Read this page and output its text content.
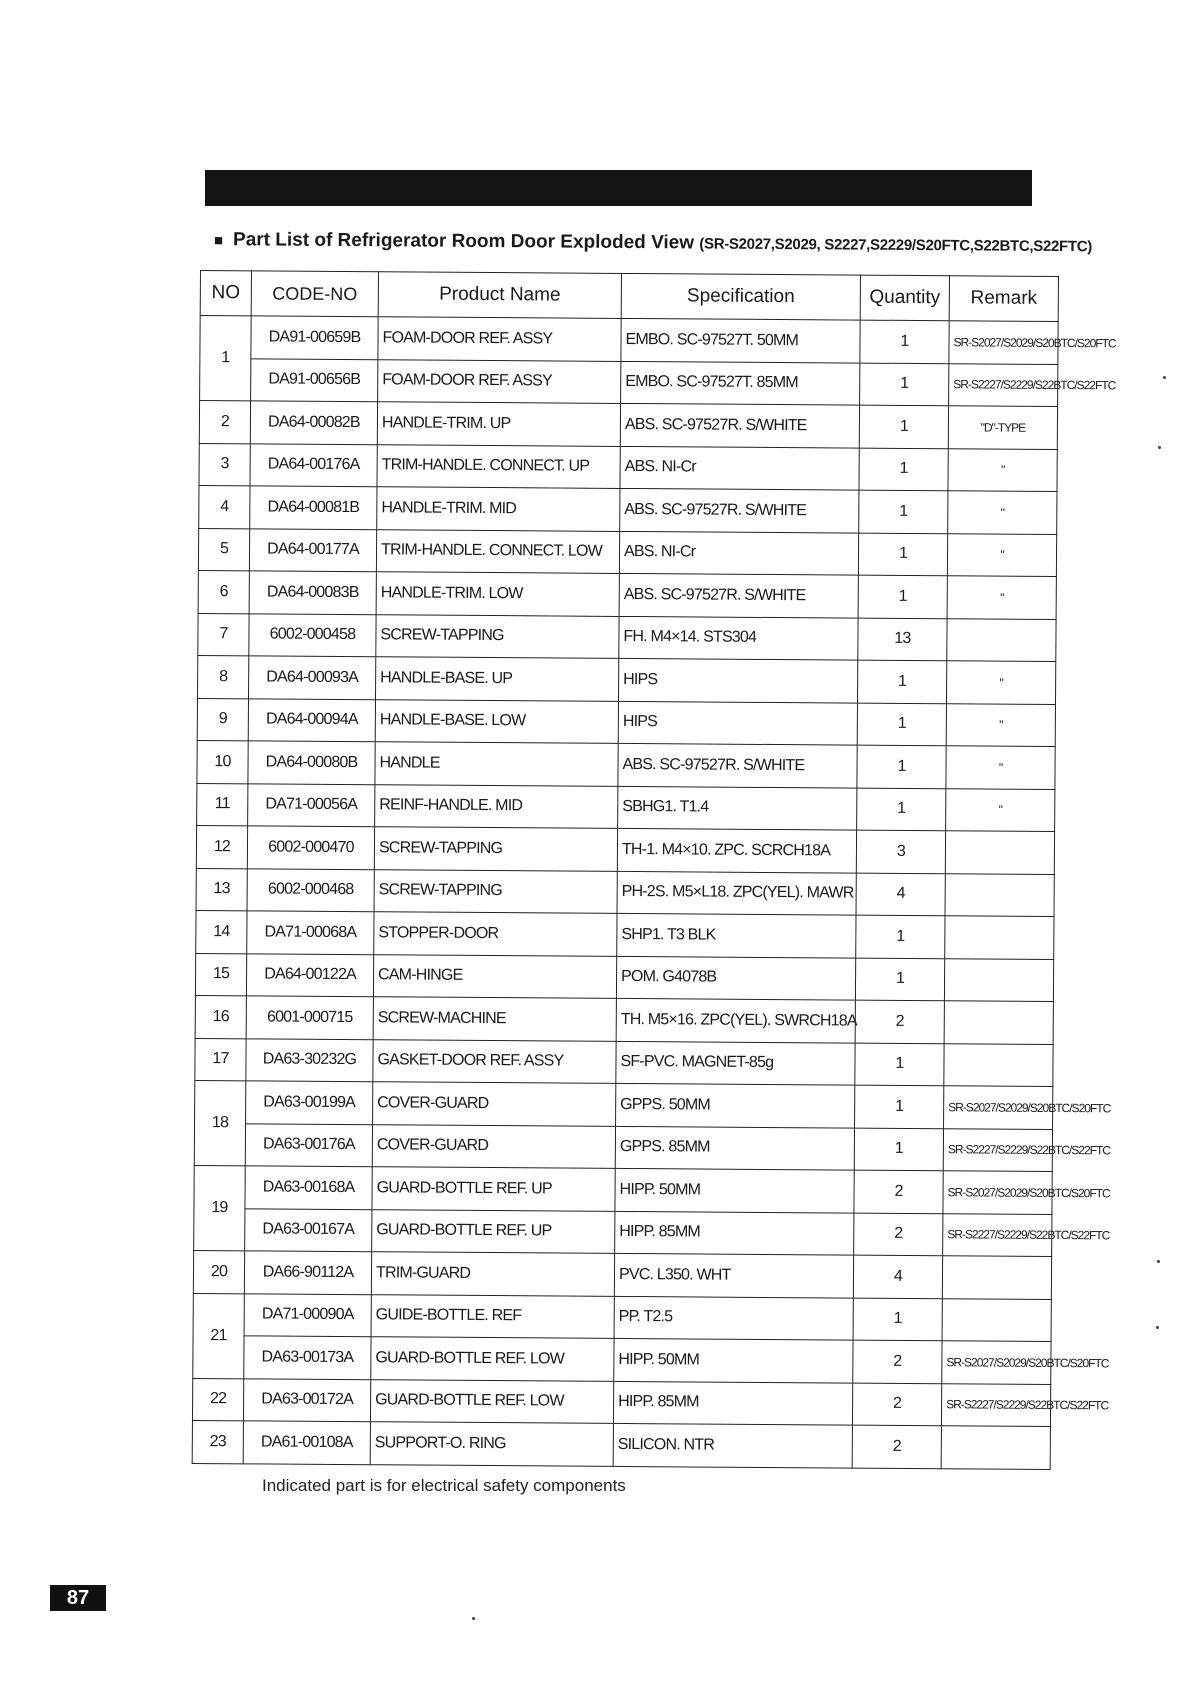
■ Part List of Refrigerator Room Door Exploded View (SR-S2027,S2029, S2227,S2229/S20FTC,S22BTC,S22FTC)
NO	CODE-NO	Product Name	Specification	Quantity	Remark
1	DA91-00659B	FOAM-DOOR REF. ASSY	EMBO. SC-97527T. 50MM	1	SR-S2027/S2029/S20BTC/S20FTC
	DA91-00656B	FOAM-DOOR REF. ASSY	EMBO. SC-97527T. 85MM	1	SR-S2227/S2229/S22BTC/S22FTC
2	DA64-00082B	HANDLE-TRIM. UP	ABS. SC-97527R. S/WHITE	1	"D"-TYPE
3	DA64-00176A	TRIM-HANDLE. CONNECT. UP	ABS. NI-Cr	1	"
4	DA64-00081B	HANDLE-TRIM. MID	ABS. SC-97527R. S/WHITE	1	"
5	DA64-00177A	TRIM-HANDLE. CONNECT. LOW	ABS. NI-Cr	1	"
6	DA64-00083B	HANDLE-TRIM. LOW	ABS. SC-97527R. S/WHITE	1	"
7	6002-000458	SCREW-TAPPING	FH. M4×14. STS304	13	
8	DA64-00093A	HANDLE-BASE. UP	HIPS	1	"
9	DA64-00094A	HANDLE-BASE. LOW	HIPS	1	"
10	DA64-00080B	HANDLE	ABS. SC-97527R. S/WHITE	1	"
11	DA71-00056A	REINF-HANDLE. MID	SBHG1. T1.4	1	"
12	6002-000470	SCREW-TAPPING	TH-1. M4×10. ZPC. SCRCH18A	3	
13	6002-000468	SCREW-TAPPING	PH-2S. M5×L18. ZPC(YEL). MAWR	4	
14	DA71-00068A	STOPPER-DOOR	SHP1. T3 BLK	1	
15	DA64-00122A	CAM-HINGE	POM. G4078B	1	
16	6001-000715	SCREW-MACHINE	TH. M5×16. ZPC(YEL). SWRCH18A	2	
17	DA63-30232G	GASKET-DOOR REF. ASSY	SF-PVC. MAGNET-85g	1	
18	DA63-00199A	COVER-GUARD	GPPS. 50MM	1	SR-S2027/S2029/S20BTC/S20FTC
	DA63-00176A	COVER-GUARD	GPPS. 85MM	1	SR-S2227/S2229/S22BTC/S22FTC
19	DA63-00168A	GUARD-BOTTLE REF. UP	HIPP. 50MM	2	SR-S2027/S2029/S20BTC/S20FTC
	DA63-00167A	GUARD-BOTTLE REF. UP	HIPP. 85MM	2	SR-S2227/S2229/S22BTC/S22FTC
20	DA66-90112A	TRIM-GUARD	PVC. L350. WHT	4	
21	DA71-00090A	GUIDE-BOTTLE. REF	PP. T2.5	1	
	DA63-00173A	GUARD-BOTTLE REF. LOW	HIPP. 50MM	2	SR-S2027/S2029/S20BTC/S20FTC
22	DA63-00172A	GUARD-BOTTLE REF. LOW	HIPP. 85MM	2	SR-S2227/S2229/S22BTC/S22FTC
23	DA61-00108A	SUPPORT-O. RING	SILICON. NTR	2	
Indicated part is for electrical safety components
87
